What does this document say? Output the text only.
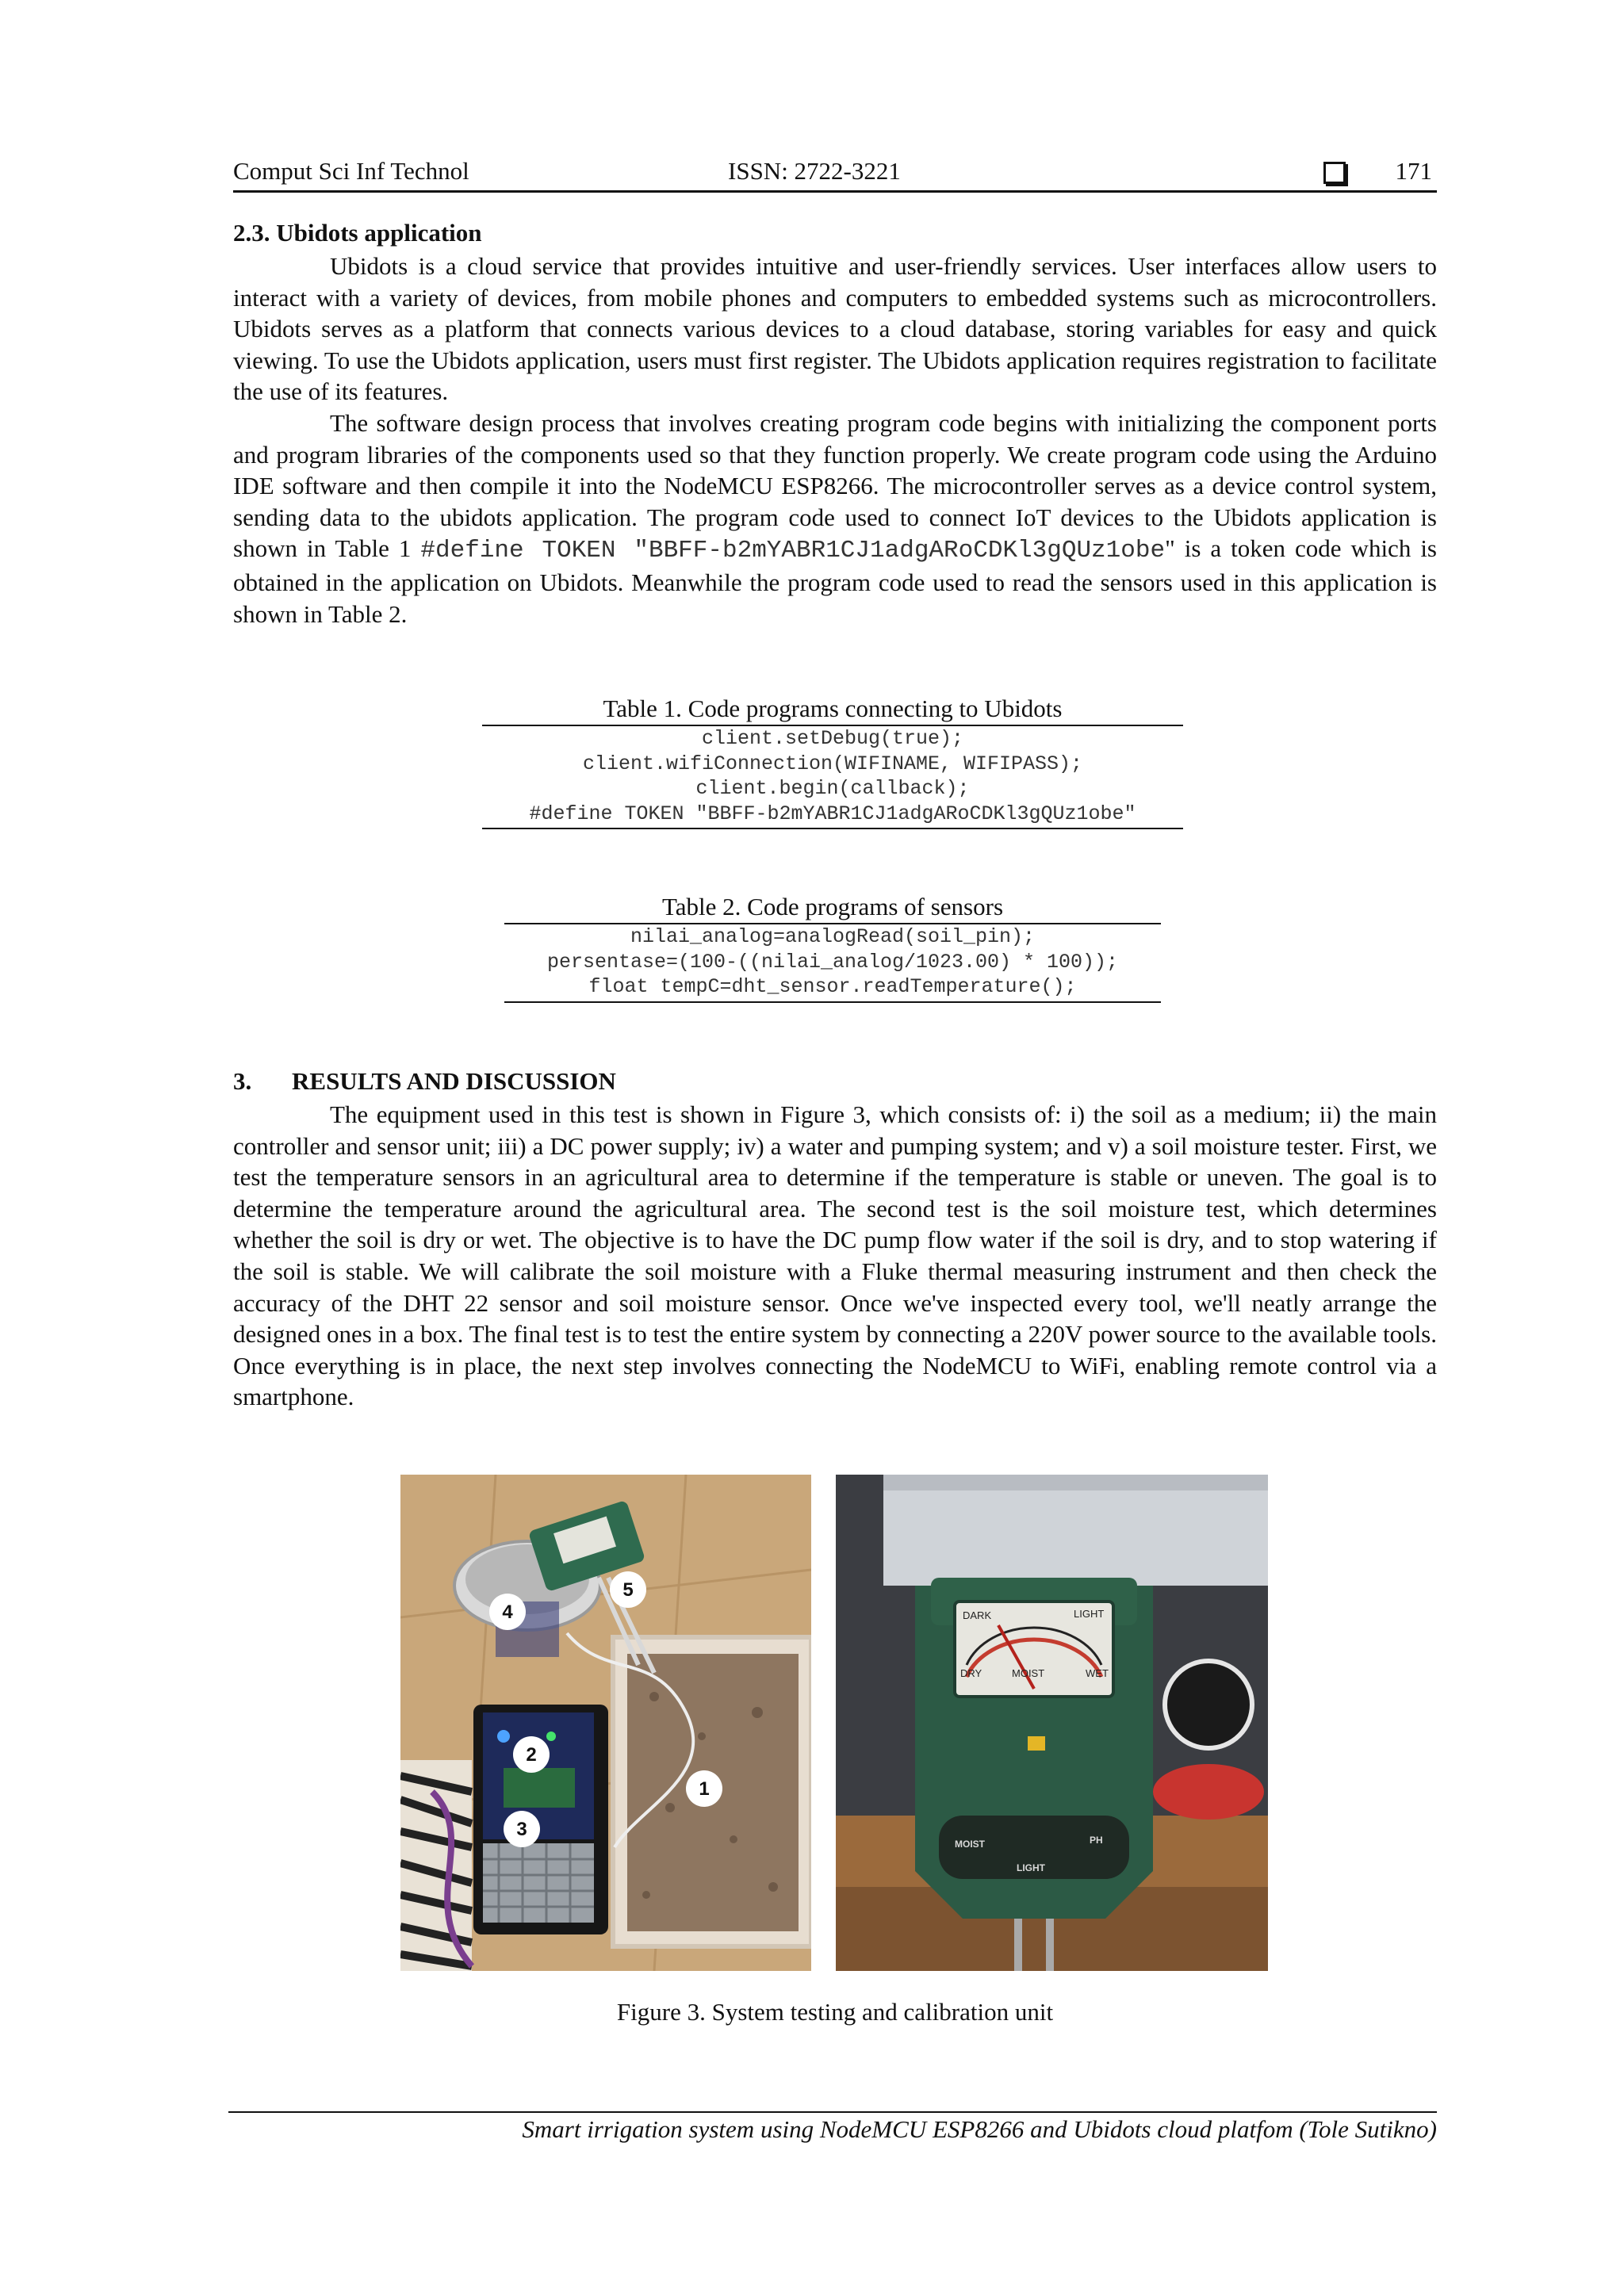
Comput Sci Inf Technol	ISSN: 2722-3221	171
2.3. Ubidots application

Ubidots is a cloud service that provides intuitive and user-friendly services. User interfaces allow users to interact with a variety of devices, from mobile phones and computers to embedded systems such as microcontrollers. Ubidots serves as a platform that connects various devices to a cloud database, storing variables for easy and quick viewing. To use the Ubidots application, users must first register. The Ubidots application requires registration to facilitate the use of its features.

The software design process that involves creating program code begins with initializing the component ports and program libraries of the components used so that they function properly. We create program code using the Arduino IDE software and then compile it into the NodeMCU ESP8266. The microcontroller serves as a device control system, sending data to the ubidots application. The program code used to connect IoT devices to the Ubidots application is shown in Table 1 #define TOKEN "BBFF-b2mYABR1CJ1adgARoCDKl3gQUz1obe" is a token code which is obtained in the application on Ubidots. Meanwhile the program code used to read the sensors used in this application is shown in Table 2.

Table 1. Code programs connecting to Ubidots
client.setDebug(true);
client.wifiConnection(WIFINAME, WIFIPASS);
client.begin(callback);
#define TOKEN "BBFF-b2mYABR1CJ1adgARoCDKl3gQUz1obe"
Table 2. Code programs of sensors
nilai_analog=analogRead(soil_pin);
persentase=(100-((nilai_analog/1023.00) * 100));
float tempC=dht_sensor.readTemperature();
3. RESULTS AND DISCUSSION

The equipment used in this test is shown in Figure 3, which consists of: i) the soil as a medium; ii) the main controller and sensor unit; iii) a DC power supply; iv) a water and pumping system; and v) a soil moisture tester. First, we test the temperature sensors in an agricultural area to determine if the temperature is stable or uneven. The goal is to determine the temperature around the agricultural area. The second test is the soil moisture test, which determines whether the soil is dry or wet. The objective is to have the DC pump flow water if the soil is dry, and to stop watering if the soil is stable. We will calibrate the soil moisture with a Fluke thermal measuring instrument and then check the accuracy of the DHT 22 sensor and soil moisture sensor. Once we've inspected every tool, we'll neatly arrange the designed ones in a box. The final test is to test the entire system by connecting a 220V power source to the available tools. Once everything is in place, the next step involves connecting the NodeMCU to WiFi, enabling remote control via a smartphone.

1
2
3
4
5
DARK	LIGHT
DRY	MOIST	WET
MOIST	PH
LIGHT
Figure 3. System testing and calibration unit
Smart irrigation system using NodeMCU ESP8266 and Ubidots cloud platfom (Tole Sutikno)
